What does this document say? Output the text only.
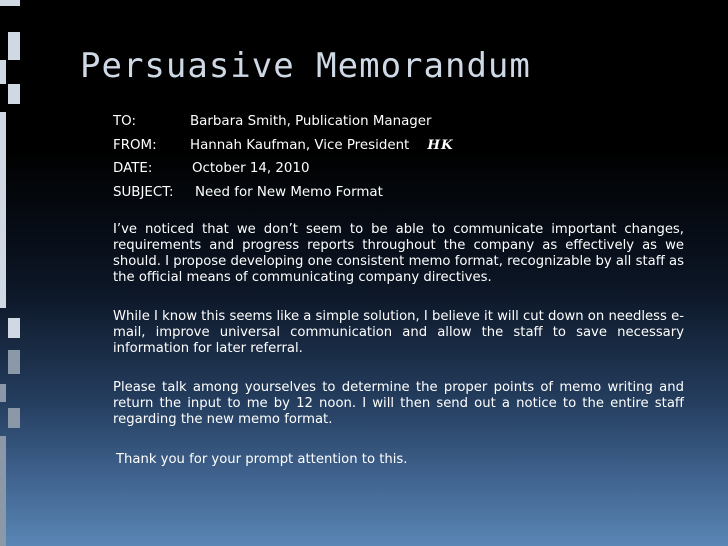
Persuasive Memorandum
TO:	Barbara Smith, Publication Manager
FROM: Hannah Kaufman, Vice President HK
DATE:	October 14, 2010
SUBJECT: Need for New Memo Format

I’ve noticed that we don’t seem to be able to communicate important changes, requirements and progress reports throughout the company as effectively as we should. I propose developing one consistent memo format, recognizable by all staff as the official means of communicating company directives.

While I know this seems like a simple solution, I believe it will cut down on needless e-mail, improve universal communication and allow the staff to save necessary information for later referral.

Please talk among yourselves to determine the proper points of memo writing and return the input to me by 12 noon. I will then send out a notice to the entire staff regarding the new memo format.

Thank you for your prompt attention to this.
